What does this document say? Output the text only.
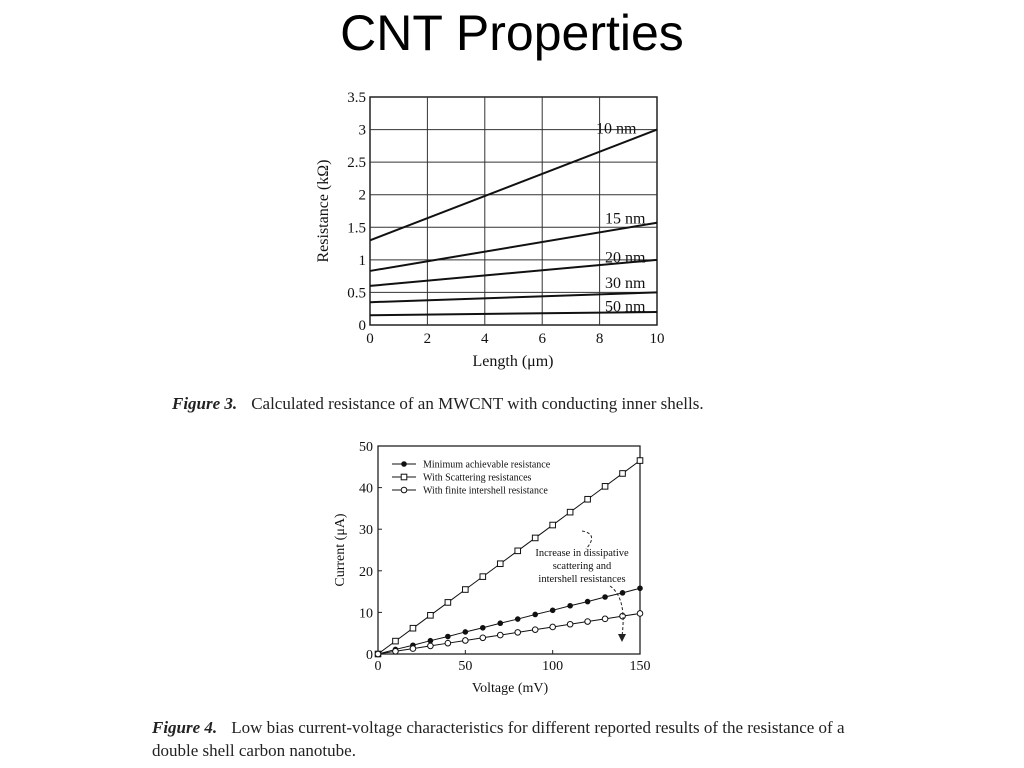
CNT Properties
10 nm
15 nm
20 nm
30 nm
50 nm
0	2	4	6	8	10
0
0.5
1
1.5
2
2.5
3
3.5
Length (μm)
Resistance (kΩ)
Figure 3. Calculated resistance of an MWCNT with conducting inner shells.
0	50	100	150
0
10
20
30
40
50
Minimum achievable resistance
With Scattering resistances
With finite intershell resistance
Increase in dissipative
scattering and
intershell resistances
Voltage (mV)
Current (μA)
Figure 4. Low bias current-voltage characteristics for different reported results of the resistance of a double shell carbon nanotube.
